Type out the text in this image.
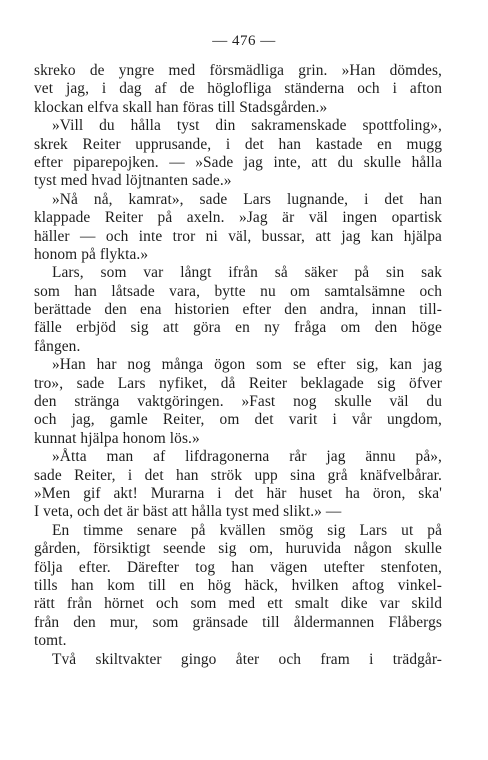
— 476 —
skreko de yngre med försmädliga grin. »Han dömdes,
vet jag, i dag af de höglofliga ständerna och i afton
klockan elfva skall han föras till Stadsgården.»
»Vill du hålla tyst din sakramenskade spottfoling»,
skrek Reiter upprusande, i det han kastade en mugg
efter piparepojken. — »Sade jag inte, att du skulle hålla
tyst med hvad löjtnanten sade.»
»Nå nå, kamrat», sade Lars lugnande, i det han
klappade Reiter på axeln. »Jag är väl ingen opartisk
häller — och inte tror ni väl, bussar, att jag kan hjälpa
honom på flykta.»
Lars, som var långt ifrån så säker på sin sak
som han låtsade vara, bytte nu om samtalsämne och
berättade den ena historien efter den andra, innan till-
fälle erbjöd sig att göra en ny fråga om den höge
fången.
»Han har nog många ögon som se efter sig, kan jag
tro», sade Lars nyfiket, då Reiter beklagade sig öfver
den stränga vaktgöringen. »Fast nog skulle väl du
och jag, gamle Reiter, om det varit i vår ungdom,
kunnat hjälpa honom lös.»
»Åtta man af lifdragonerna rår jag ännu på»,
sade Reiter, i det han strök upp sina grå knäfvelbårar.
»Men gif akt! Murarna i det här huset ha öron, ska'
I veta, och det är bäst att hålla tyst med slikt.» —
En timme senare på kvällen smög sig Lars ut på
gården, försiktigt seende sig om, huruvida någon skulle
följa efter. Därefter tog han vägen utefter stenfoten,
tills han kom till en hög häck, hvilken aftog vinkel-
rätt från hörnet och som med ett smalt dike var skild
från den mur, som gränsade till åldermannen Flåbergs
tomt.
Två skiltvakter gingo åter och fram i trädgår-
